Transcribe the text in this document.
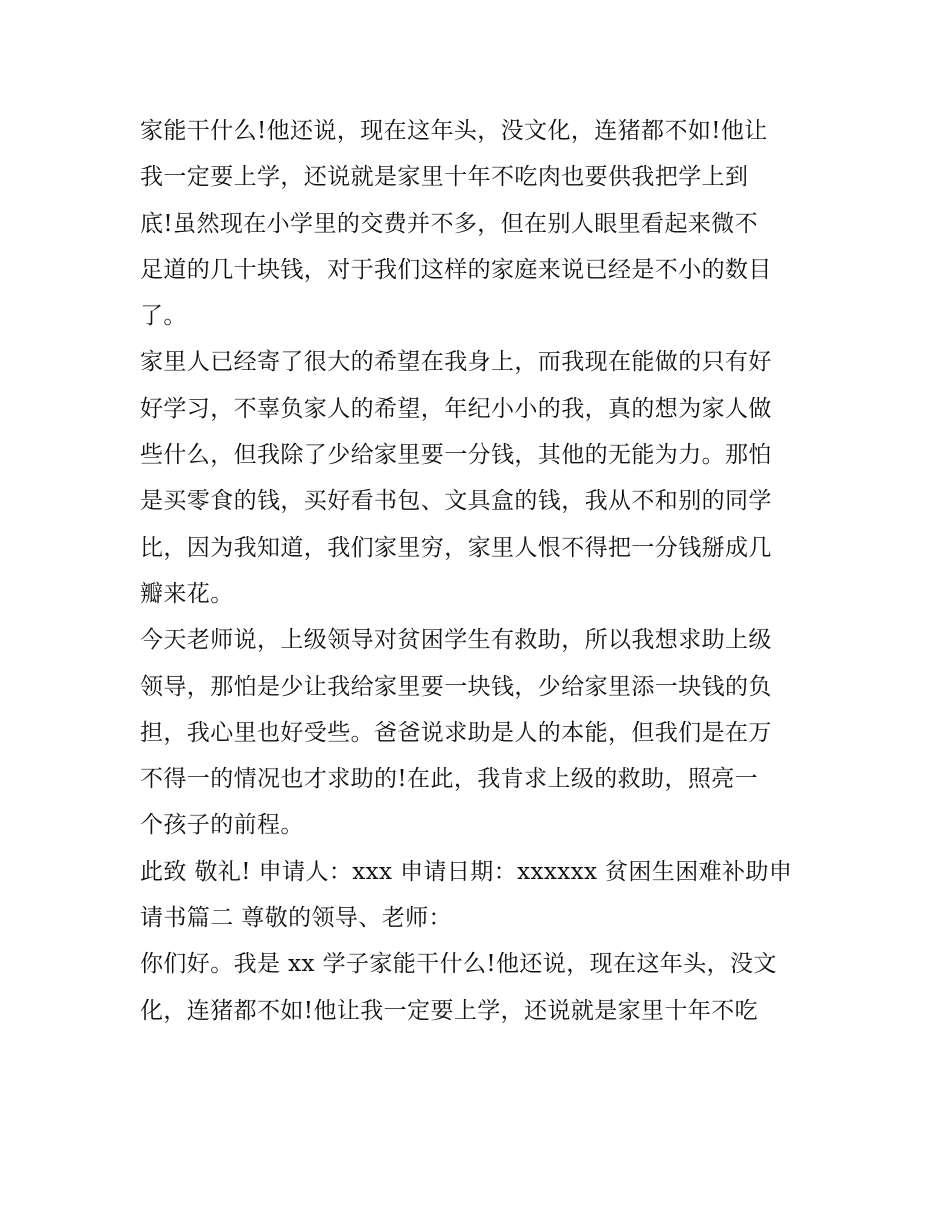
家能干什么!他还说，现在这年头，没文化，连猪都不如!他让
我一定要上学，还说就是家里十年不吃肉也要供我把学上到
底!虽然现在小学里的交费并不多，但在别人眼里看起来微不
足道的几十块钱，对于我们这样的家庭来说已经是不小的数目
了。
家里人已经寄了很大的希望在我身上，而我现在能做的只有好
好学习，不辜负家人的希望，年纪小小的我，真的想为家人做
些什么，但我除了少给家里要一分钱，其他的无能为力。那怕
是买零食的钱，买好看书包、文具盒的钱，我从不和别的同学
比，因为我知道，我们家里穷，家里人恨不得把一分钱掰成几
瓣来花。
今天老师说，上级领导对贫困学生有救助，所以我想求助上级
领导，那怕是少让我给家里要一块钱，少给家里添一块钱的负
担，我心里也好受些。爸爸说求助是人的本能，但我们是在万
不得一的情况也才求助的!在此，我肯求上级的救助，照亮一
个孩子的前程。
此致 敬礼! 申请人：xxx 申请日期：xxxxxx 贫困生困难补助申
请书篇二 尊敬的领导、老师：
你们好。我是 xx 学子家能干什么!他还说，现在这年头，没文
化，连猪都不如!他让我一定要上学，还说就是家里十年不吃
